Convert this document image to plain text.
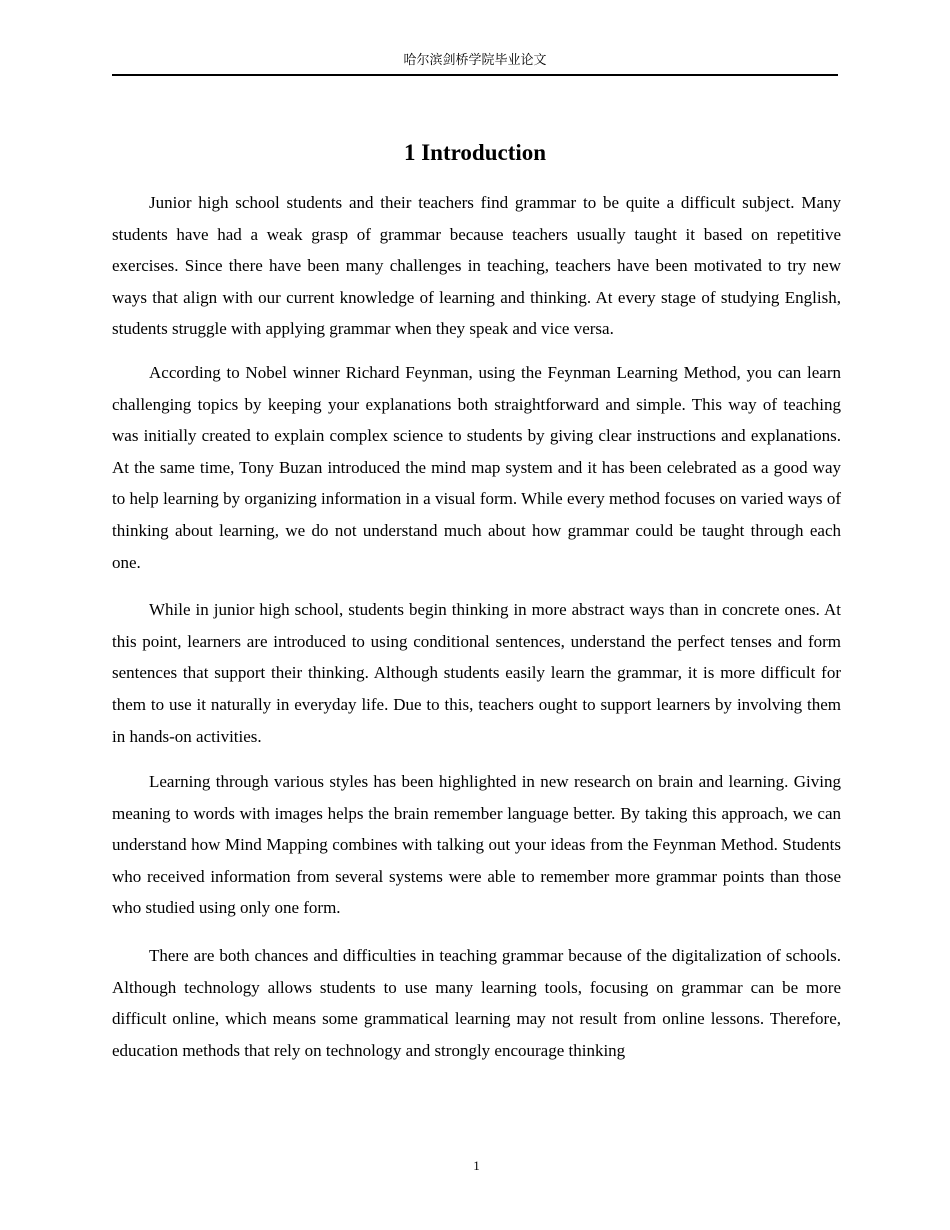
哈尔滨剑桥学院毕业论文
1 Introduction

Junior high school students and their teachers find grammar to be quite a difficult subject. Many students have had a weak grasp of grammar because teachers usually taught it based on repetitive exercises. Since there have been many challenges in teaching, teachers have been motivated to try new ways that align with our current knowledge of learning and thinking. At every stage of studying English, students struggle with applying grammar when they speak and vice versa.

According to Nobel winner Richard Feynman, using the Feynman Learning Method, you can learn challenging topics by keeping your explanations both straightforward and simple. This way of teaching was initially created to explain complex science to students by giving clear instructions and explanations. At the same time, Tony Buzan introduced the mind map system and it has been celebrated as a good way to help learning by organizing information in a visual form. While every method focuses on varied ways of thinking about learning, we do not understand much about how grammar could be taught through each one.

While in junior high school, students begin thinking in more abstract ways than in concrete ones. At this point, learners are introduced to using conditional sentences, understand the perfect tenses and form sentences that support their thinking. Although students easily learn the grammar, it is more difficult for them to use it naturally in everyday life. Due to this, teachers ought to support learners by involving them in hands-on activities.

Learning through various styles has been highlighted in new research on brain and learning. Giving meaning to words with images helps the brain remember language better. By taking this approach, we can understand how Mind Mapping combines with talking out your ideas from the Feynman Method. Students who received information from several systems were able to remember more grammar points than those who studied using only one form.

There are both chances and difficulties in teaching grammar because of the digitalization of schools. Although technology allows students to use many learning tools, focusing on grammar can be more difficult online, which means some grammatical learning may not result from online lessons. Therefore, education methods that rely on technology and strongly encourage thinking

1
